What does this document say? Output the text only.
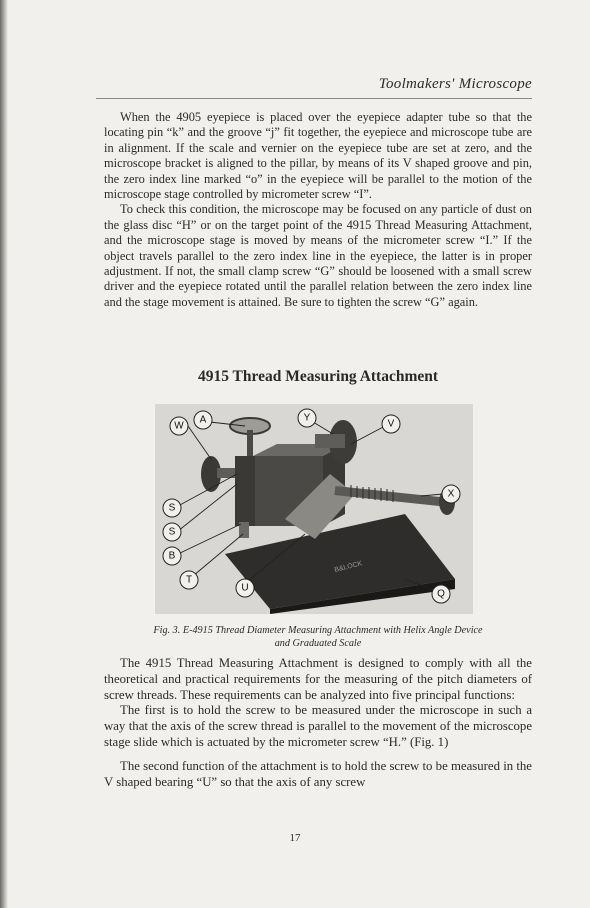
Toolmakers' Microscope

When the 4905 eyepiece is placed over the eyepiece adapter tube so that the locating pin “k” and the groove “j” fit together, the eyepiece and microscope tube are in alignment. If the scale and vernier on the eyepiece tube are set at zero, and the microscope bracket is aligned to the pillar, by means of its V shaped groove and pin, the zero index line marked “o” in the eyepiece will be parallel to the motion of the microscope stage controlled by micrometer screw “I”.

To check this condition, the microscope may be focused on any particle of dust on the glass disc “H” or on the target point of the 4915 Thread Measuring Attachment, and the microscope stage is moved by means of the micrometer screw “I.” If the object travels parallel to the zero index line in the eyepiece, the latter is in proper adjustment. If not, the small clamp screw “G” should be loosened with a small screw driver and the eyepiece rotated until the parallel relation between the zero index line and the stage movement is attained. Be sure to tighten the screw “G” again.

4915 Thread Measuring Attachment
B&LOCK
W
A	Y
V
X
S
S
B
T
U
Q
Fig. 3. E-4915 Thread Diameter Measuring Attachment with Helix Angle Device
and Graduated Scale

The 4915 Thread Measuring Attachment is designed to comply with all the theoretical and practical requirements for the measuring of the pitch diameters of screw threads. These requirements can be analyzed into five principal functions:

The first is to hold the screw to be measured under the microscope in such a way that the axis of the screw thread is parallel to the movement of the microscope stage slide which is actuated by the micrometer screw “H.” (Fig. 1)

The second function of the attachment is to hold the screw to be measured in the V shaped bearing “U” so that the axis of any screw

17
